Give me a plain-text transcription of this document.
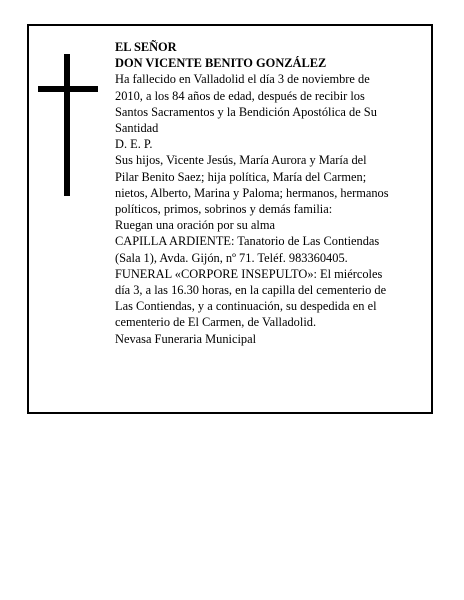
EL SEÑOR
DON VICENTE BENITO GONZÁLEZ
Ha fallecido en Valladolid el día 3 de noviembre de
2010, a los 84 años de edad, después de recibir los
Santos Sacramentos y la Bendición Apostólica de Su
Santidad
D. E. P.
Sus hijos, Vicente Jesús, María Aurora y María del
Pilar Benito Saez; hija política, María del Carmen;
nietos, Alberto, Marina y Paloma; hermanos, hermanos
políticos, primos, sobrinos y demás familia:
Ruegan una oración por su alma
CAPILLA ARDIENTE: Tanatorio de Las Contiendas
(Sala 1), Avda. Gijón, nº 71. Teléf. 983360405.
FUNERAL «CORPORE INSEPULTO»: El miércoles
día 3, a las 16.30 horas, en la capilla del cementerio de
Las Contiendas, y a continuación, su despedida en el
cementerio de El Carmen, de Valladolid.
Nevasa Funeraria Municipal
